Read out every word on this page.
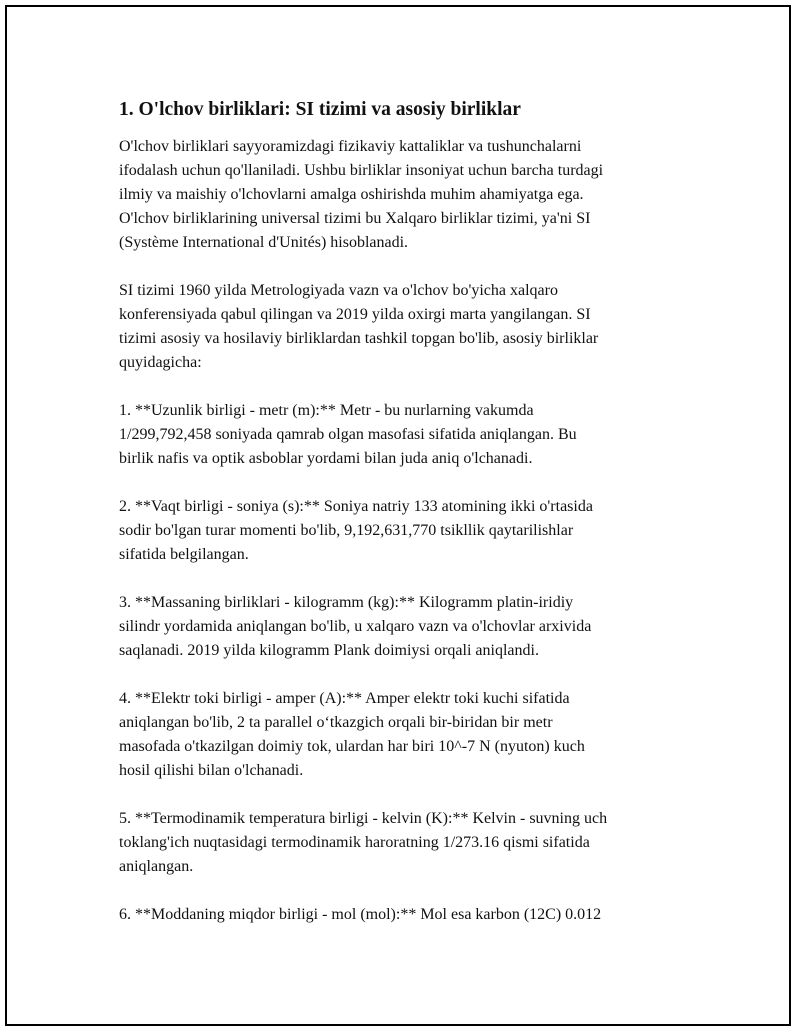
1. O'lchov birliklari: SI tizimi va asosiy birliklar

O'lchov birliklari sayyoramizdagi fizikaviy kattaliklar va tushunchalarni
ifodalash uchun qo'llaniladi. Ushbu birliklar insoniyat uchun barcha turdagi
ilmiy va maishiy o'lchovlarni amalga oshirishda muhim ahamiyatga ega.
O'lchov birliklarining universal tizimi bu Xalqaro birliklar tizimi, ya'ni SI
(Système International d'Unités) hisoblanadi.

SI tizimi 1960 yilda Metrologiyada vazn va o'lchov bo'yicha xalqaro
konferensiyada qabul qilingan va 2019 yilda oxirgi marta yangilangan. SI
tizimi asosiy va hosilaviy birliklardan tashkil topgan bo'lib, asosiy birliklar
quyidagicha:

1. **Uzunlik birligi - metr (m):** Metr - bu nurlarning vakumda
1/299,792,458 soniyada qamrab olgan masofasi sifatida aniqlangan. Bu
birlik nafis va optik asboblar yordami bilan juda aniq o'lchanadi.

2. **Vaqt birligi - soniya (s):** Soniya natriy 133 atomining ikki o'rtasida
sodir bo'lgan turar momenti bo'lib, 9,192,631,770 tsikllik qaytarilishlar
sifatida belgilangan.

3. **Massaning birliklari - kilogramm (kg):** Kilogramm platin-iridiy
silindr yordamida aniqlangan bo'lib, u xalqaro vazn va o'lchovlar arxivida
saqlanadi. 2019 yilda kilogramm Plank doimiysi orqali aniqlandi.

4. **Elektr toki birligi - amper (A):** Amper elektr toki kuchi sifatida
aniqlangan bo'lib, 2 ta parallel o‘tkazgich orqali bir-biridan bir metr
masofada o'tkazilgan doimiy tok, ulardan har biri 10^-7 N (nyuton) kuch
hosil qilishi bilan o'lchanadi.

5. **Termodinamik temperatura birligi - kelvin (K):** Kelvin - suvning uch
toklang'ich nuqtasidagi termodinamik haroratning 1/273.16 qismi sifatida
aniqlangan.

6. **Moddaning miqdor birligi - mol (mol):** Mol esa karbon (12C) 0.012
